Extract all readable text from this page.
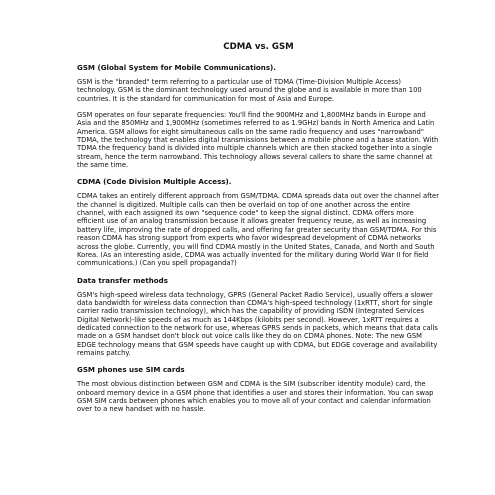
CDMA vs. GSM
GSM (Global System for Mobile Communications).

GSM is the "branded" term referring to a particular use of TDMA (Time-Division Multiple Access) technology. GSM is the dominant technology used around the globe and is available in more than 100 countries. It is the standard for communication for most of Asia and Europe.

GSM operates on four separate frequencies: You'll find the 900MHz and 1,800MHz bands in Europe and Asia and the 850MHz and 1,900MHz (sometimes referred to as 1.9GHz) bands in North America and Latin America. GSM allows for eight simultaneous calls on the same radio frequency and uses "narrowband" TDMA, the technology that enables digital transmissions between a mobile phone and a base station. With TDMA the frequency band is divided into multiple channels which are then stacked together into a single stream, hence the term narrowband. This technology allows several callers to share the same channel at the same time.

CDMA (Code Division Multiple Access).

CDMA takes an entirely different approach from GSM/TDMA. CDMA spreads data out over the channel after the channel is digitized. Multiple calls can then be overlaid on top of one another across the entire channel, with each assigned its own "sequence code" to keep the signal distinct. CDMA offers more efficient use of an analog transmission because it allows greater frequency reuse, as well as increasing battery life, improving the rate of dropped calls, and offering far greater security than GSM/TDMA. For this reason CDMA has strong support from experts who favor widespread development of CDMA networks across the globe. Currently, you will find CDMA mostly in the United States, Canada, and North and South Korea. (As an interesting aside, CDMA was actually invented for the military during World War II for field communications.) (Can you spell propaganda?)

Data transfer methods

GSM's high-speed wireless data technology, GPRS (General Packet Radio Service), usually offers a slower data bandwidth for wireless data connection than CDMA's high-speed technology (1xRTT, short for single carrier radio transmission technology), which has the capability of providing ISDN (Integrated Services Digital Network)-like speeds of as much as 144Kbps (kilobits per second). However, 1xRTT requires a dedicated connection to the network for use, whereas GPRS sends in packets, which means that data calls made on a GSM handset don't block out voice calls like they do on CDMA phones. Note: The new GSM EDGE technology means that GSM speeds have caught up with CDMA, but EDGE coverage and availability remains patchy.

GSM phones use SIM cards

The most obvious distinction between GSM and CDMA is the SIM (subscriber identity module) card, the onboard memory device in a GSM phone that identifies a user and stores their information. You can swap GSM SIM cards between phones which enables you to move all of your contact and calendar information over to a new handset with no hassle.
